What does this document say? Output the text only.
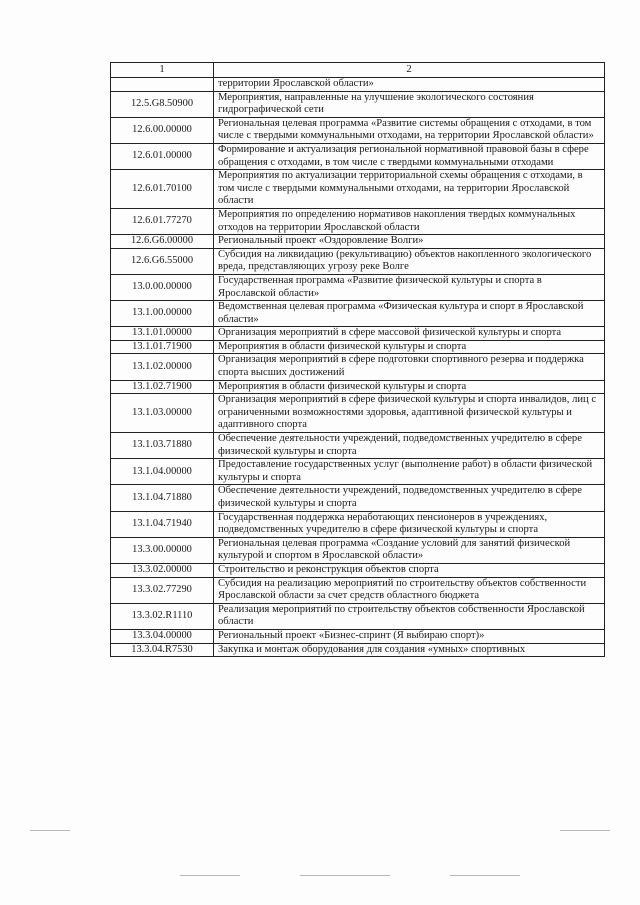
1	2
	территории Ярославской области»
12.5.G8.50900	Мероприятия, направленные на улучшение экологического состояния гидрографической сети
12.6.00.00000	Региональная целевая программа «Развитие системы обращения с отходами, в том числе с твердыми коммунальными отходами, на территории Ярославской области»
12.6.01.00000	Формирование и актуализация региональной нормативной правовой базы в сфере обращения с отходами, в том числе с твердыми коммунальными отходами
12.6.01.70100	Мероприятия по актуализации территориальной схемы обращения с отходами, в том числе с твердыми коммунальными отходами, на территории Ярославской области
12.6.01.77270	Мероприятия по определению нормативов накопления твердых коммунальных отходов на территории Ярославской области
12.6.G6.00000	Региональный проект «Оздоровление Волги»
12.6.G6.55000	Субсидия на ликвидацию (рекультивацию) объектов накопленного экологического вреда, представляющих угрозу реке Волге
13.0.00.00000	Государственная программа «Развитие физической культуры и спорта в Ярославской области»
13.1.00.00000	Ведомственная целевая программа «Физическая культура и спорт в Ярославской области»
13.1.01.00000	Организация мероприятий в сфере массовой физической культуры и спорта
13.1.01.71900	Мероприятия в области физической культуры и спорта
13.1.02.00000	Организация мероприятий в сфере подготовки спортивного резерва и поддержка спорта высших достижений
13.1.02.71900	Мероприятия в области физической культуры и спорта
13.1.03.00000	Организация мероприятий в сфере физической культуры и спорта инвалидов, лиц с ограниченными возможностями здоровья, адаптивной физической культуры и адаптивного спорта
13.1.03.71880	Обеспечение деятельности учреждений, подведомственных учредителю в сфере физической культуры и спорта
13.1.04.00000	Предоставление государственных услуг (выполнение работ) в области физической культуры и спорта
13.1.04.71880	Обеспечение деятельности учреждений, подведомственных учредителю в сфере физической культуры и спорта
13.1.04.71940	Государственная поддержка неработающих пенсионеров в учреждениях, подведомственных учредителю в сфере физической культуры и спорта
13.3.00.00000	Региональная целевая программа «Создание условий для занятий физической культурой и спортом в Ярославской области»
13.3.02.00000	Строительство и реконструкция объектов спорта
13.3.02.77290	Субсидия на реализацию мероприятий по строительству объектов собственности Ярославской области за счет средств областного бюджета
13.3.02.R1110	Реализация мероприятий по строительству объектов собственности Ярославской области
13.3.04.00000	Региональный проект «Бизнес-спринт (Я выбираю спорт)»
13.3.04.R7530	Закупка и монтаж оборудования для создания «умных» спортивных
